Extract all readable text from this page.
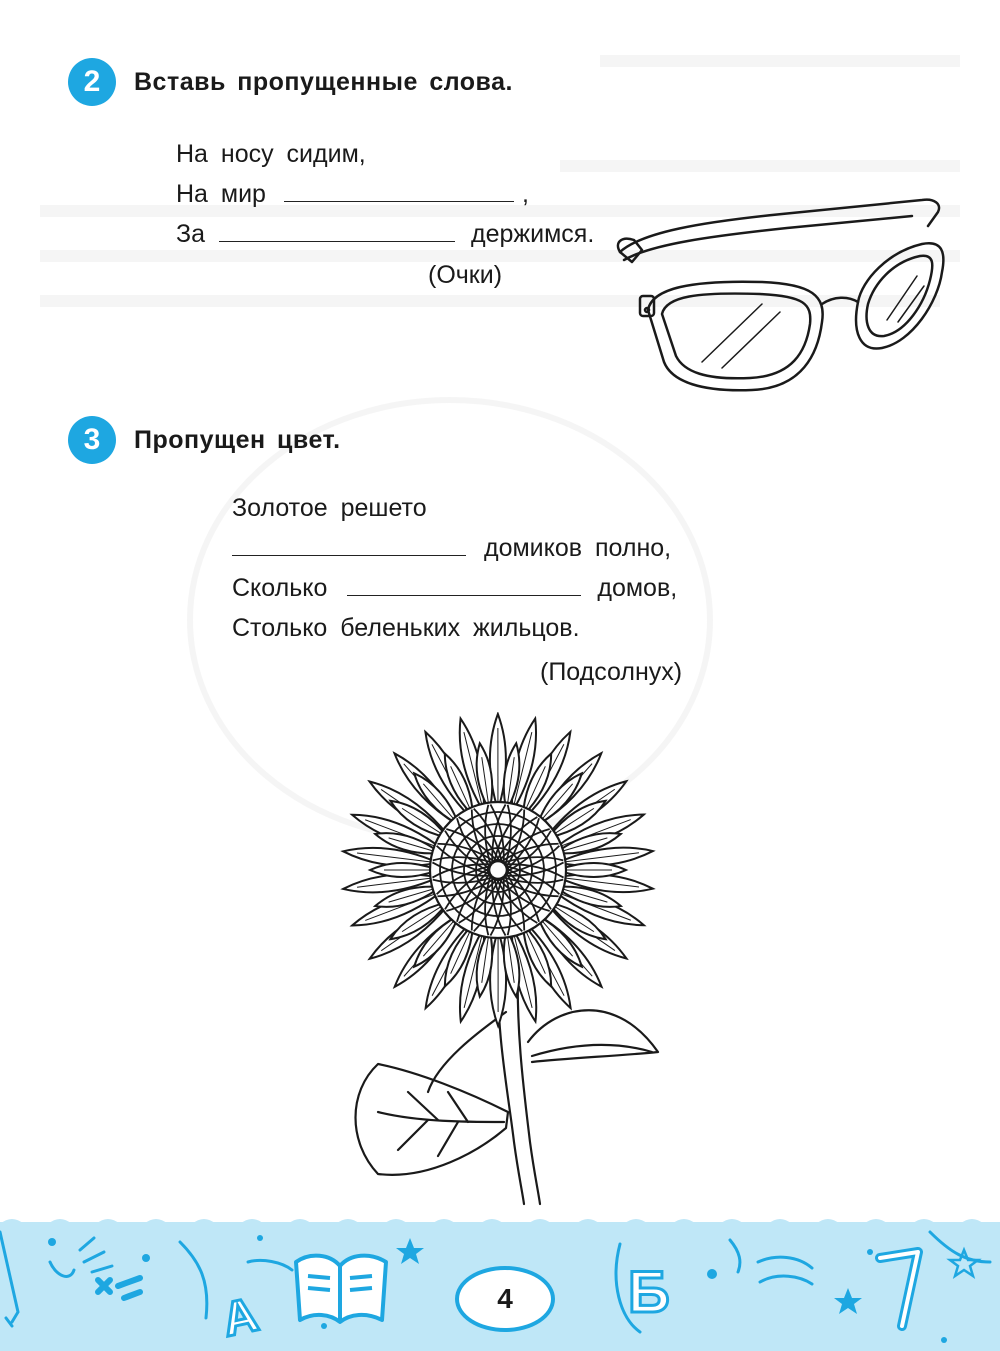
2 Вставь пропущенные слова.
На носу сидим,
На мир	,
За	держимся.
(Очки)
3 Пропущен цвет.
Золотое решето
домиков полно,
Сколько	домов,
Столько беленьких жильцов.
(Подсолнух)
А	Б
4
